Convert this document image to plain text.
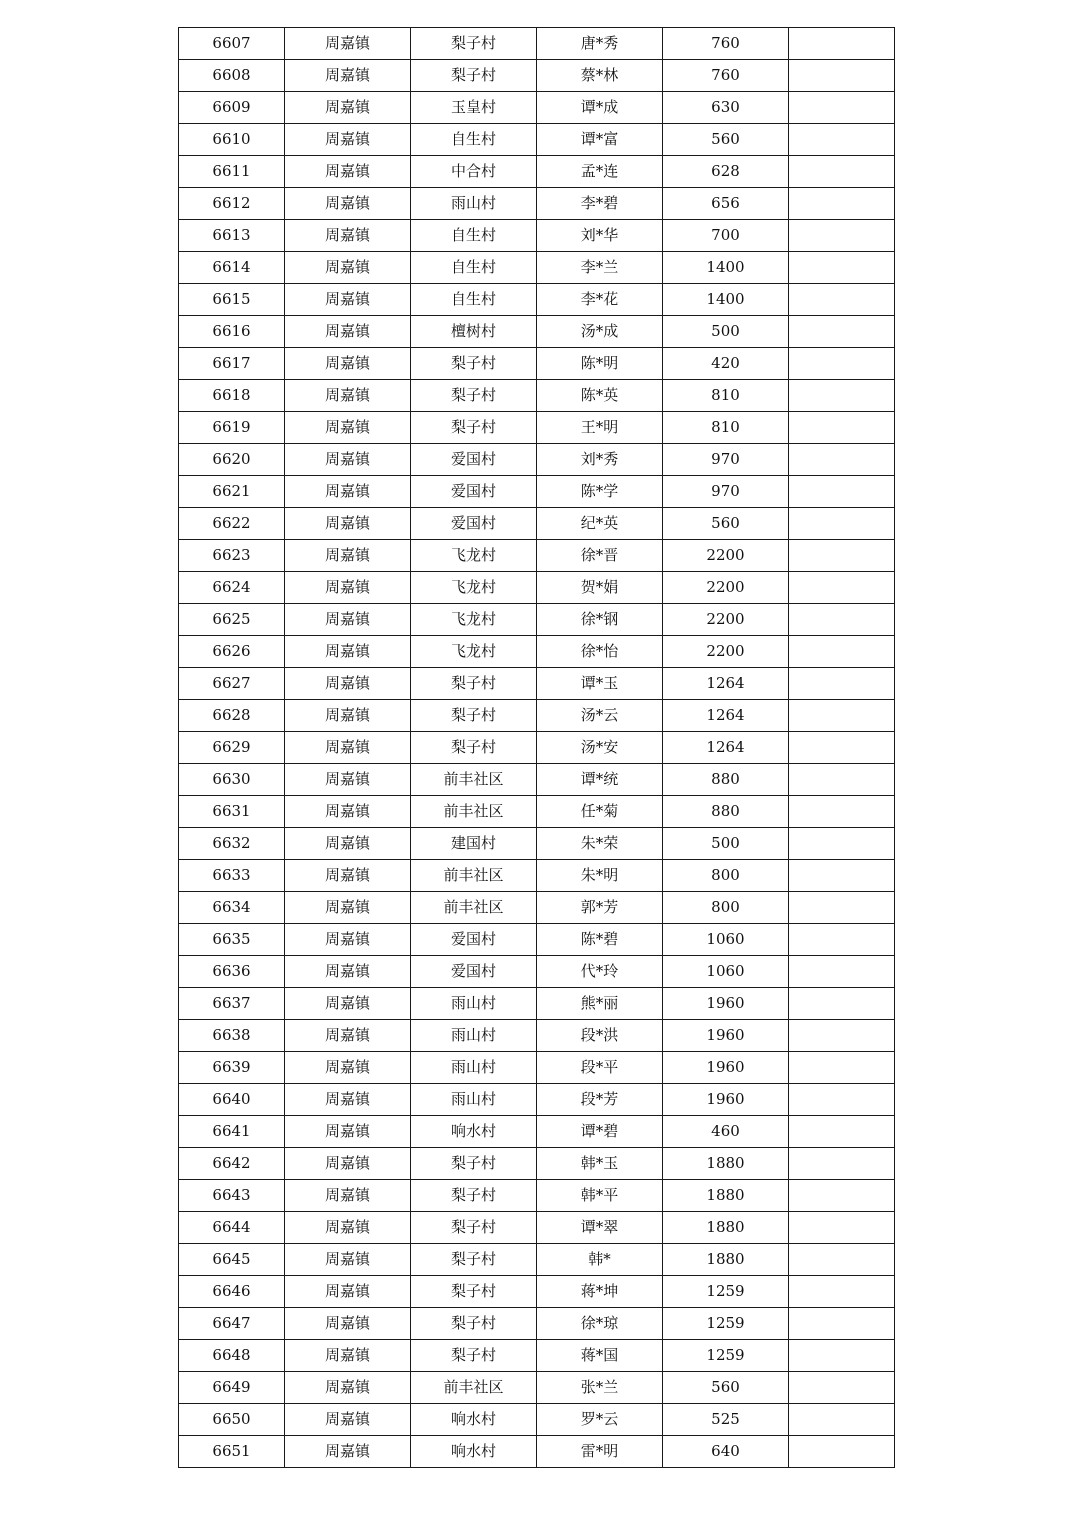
6607	周嘉镇	梨子村	唐*秀	760	
6608	周嘉镇	梨子村	蔡*林	760	
6609	周嘉镇	玉皇村	谭*成	630	
6610	周嘉镇	自生村	谭*富	560	
6611	周嘉镇	中合村	孟*连	628	
6612	周嘉镇	雨山村	李*碧	656	
6613	周嘉镇	自生村	刘*华	700	
6614	周嘉镇	自生村	李*兰	1400	
6615	周嘉镇	自生村	李*花	1400	
6616	周嘉镇	檀树村	汤*成	500	
6617	周嘉镇	梨子村	陈*明	420	
6618	周嘉镇	梨子村	陈*英	810	
6619	周嘉镇	梨子村	王*明	810	
6620	周嘉镇	爱国村	刘*秀	970	
6621	周嘉镇	爱国村	陈*学	970	
6622	周嘉镇	爱国村	纪*英	560	
6623	周嘉镇	飞龙村	徐*晋	2200	
6624	周嘉镇	飞龙村	贺*娟	2200	
6625	周嘉镇	飞龙村	徐*钢	2200	
6626	周嘉镇	飞龙村	徐*怡	2200	
6627	周嘉镇	梨子村	谭*玉	1264	
6628	周嘉镇	梨子村	汤*云	1264	
6629	周嘉镇	梨子村	汤*安	1264	
6630	周嘉镇	前丰社区	谭*统	880	
6631	周嘉镇	前丰社区	任*菊	880	
6632	周嘉镇	建国村	朱*荣	500	
6633	周嘉镇	前丰社区	朱*明	800	
6634	周嘉镇	前丰社区	郭*芳	800	
6635	周嘉镇	爱国村	陈*碧	1060	
6636	周嘉镇	爱国村	代*玲	1060	
6637	周嘉镇	雨山村	熊*丽	1960	
6638	周嘉镇	雨山村	段*洪	1960	
6639	周嘉镇	雨山村	段*平	1960	
6640	周嘉镇	雨山村	段*芳	1960	
6641	周嘉镇	响水村	谭*碧	460	
6642	周嘉镇	梨子村	韩*玉	1880	
6643	周嘉镇	梨子村	韩*平	1880	
6644	周嘉镇	梨子村	谭*翠	1880	
6645	周嘉镇	梨子村	韩*	1880	
6646	周嘉镇	梨子村	蒋*坤	1259	
6647	周嘉镇	梨子村	徐*琼	1259	
6648	周嘉镇	梨子村	蒋*国	1259	
6649	周嘉镇	前丰社区	张*兰	560	
6650	周嘉镇	响水村	罗*云	525	
6651	周嘉镇	响水村	雷*明	640	
